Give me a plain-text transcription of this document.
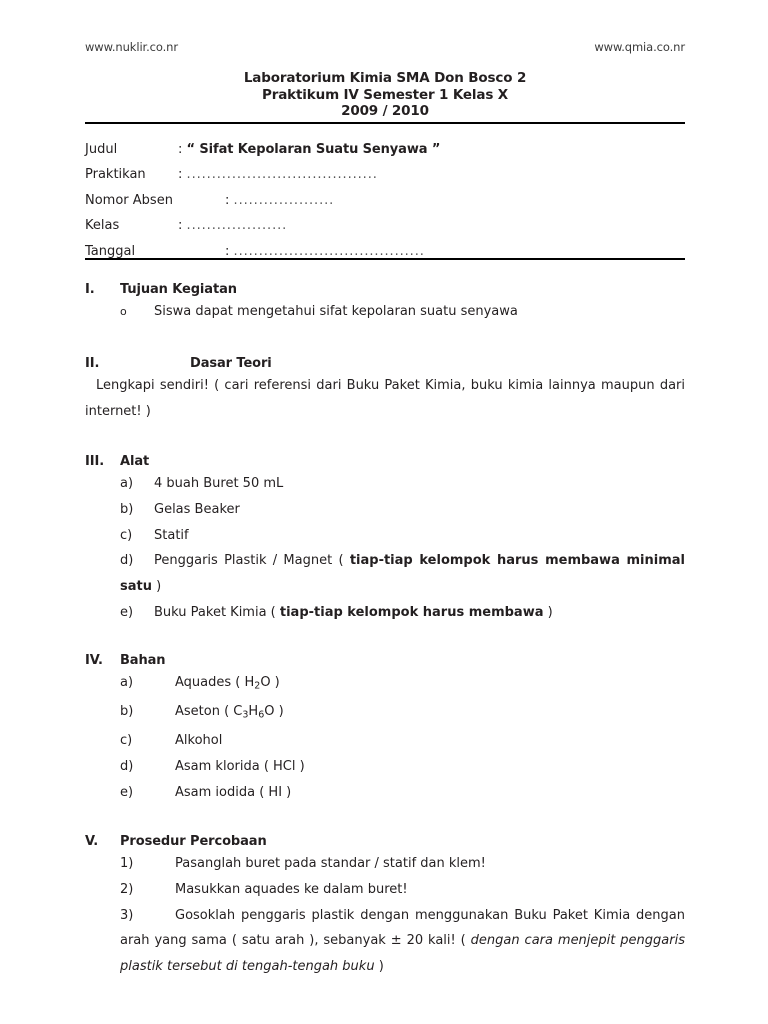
www.nuklir.co.nr	www.qmia.co.nr
Laboratorium Kimia SMA Don Bosco 2
Praktikum IV Semester 1 Kelas X
2009 / 2010
Judul	: “ Sifat Kepolaran Suatu Senyawa ”
Praktikan : ......................................
Nomor Absen	: ....................
Kelas	: ....................
Tanggal	: ......................................
I. Tujuan Kegiatan
o Siswa dapat mengetahui sifat kepolaran suatu senyawa
II.	Dasar Teori
Lengkapi sendiri! ( cari referensi dari Buku Paket Kimia, buku kimia lainnya maupun dari internet! )
III. Alat
a) 4 buah Buret 50 mL
b) Gelas Beaker
c) Statif
d) Penggaris Plastik / Magnet ( tiap-tiap kelompok harus membawa minimal satu )
e) Buku Paket Kimia ( tiap-tiap kelompok harus membawa )
IV. Bahan
a)	Aquades ( $H_2O$ )
b)	Aseton ( $C_3H_6O$ )
c)	Alkohol
d)	Asam klorida ( HCl )
e)	Asam iodida ( HI )
V. Prosedur Percobaan
1)	Pasanglah buret pada standar / statif dan klem!
2)	Masukkan aquades ke dalam buret!
3)	Gosoklah penggaris plastik dengan menggunakan Buku Paket Kimia dengan arah yang sama ( satu arah ), sebanyak ± 20 kali! ( dengan cara menjepit penggaris plastik tersebut di tengah-tengah buku )
